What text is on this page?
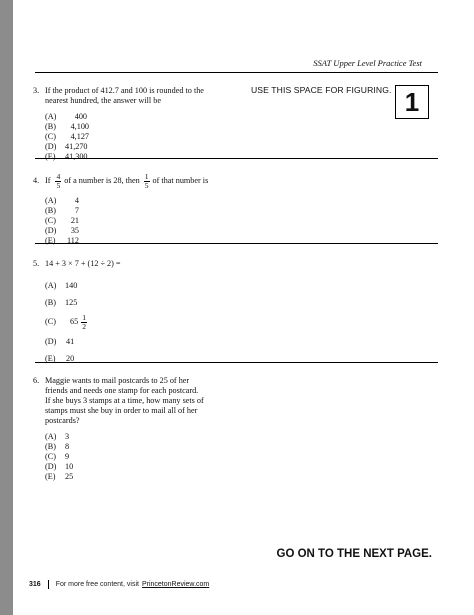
SSAT Upper Level Practice Test
3. If the product of 412.7 and 100 is rounded to the
nearest hundred, the answer will be
(A)	400
(B)	4,100
(C)	4,127
(D)	41,270
(E)	41,300
USE THIS SPACE FOR FIGURING. 1
4. If $\frac{4}{5}$ of a number is 28, then $\frac{1}{5}$ of that number is
(A)	4
(B)	7
(C)	21
(D)	35
(E)	112
5. 14 + 3 × 7 + (12 ÷ 2) =
(A)	140
(B)	125
(C)	$65 \frac{1}{2}$
(D)	41
(E)	20
6. Maggie wants to mail postcards to 25 of her
friends and needs one stamp for each postcard.
If she buys 3 stamps at a time, how many sets of
stamps must she buy in order to mail all of her
postcards?
(A)	3
(B)	8
(C)	9
(D)	10
(E)	25
GO ON TO THE NEXT PAGE.
316 For more free content, visit PrincetonReview.com
